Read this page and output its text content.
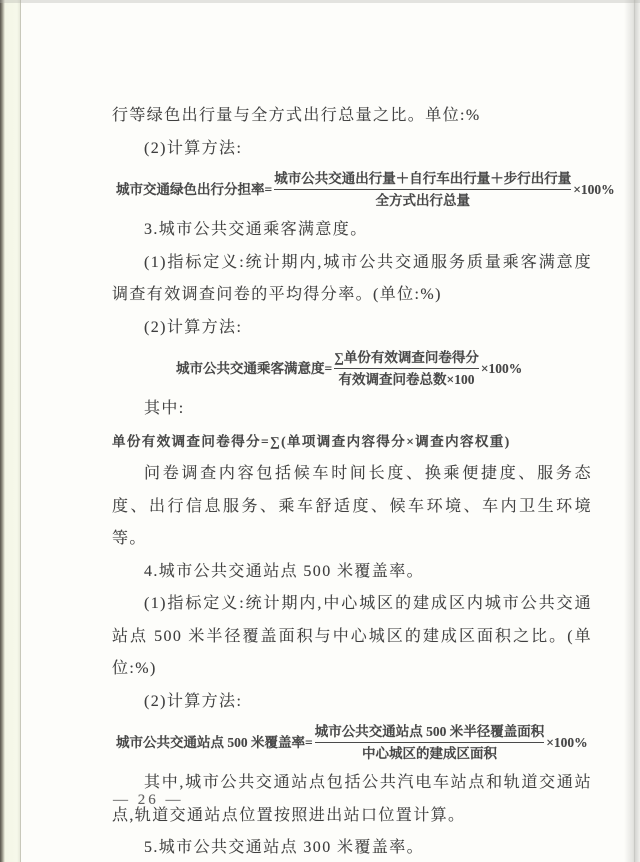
行等绿色出行量与全方式出行总量之比。单位:%

(2)计算方法:

城市交通绿色出行分担率= $\frac{\text{城市公共交通出行量＋自行车出行量＋步行出行量}}{\text{全方式出行总量}} \times 100\%$

3.城市公共交通乘客满意度。

(1)指标定义:统计期内,城市公共交通服务质量乘客满意度调查有效调查问卷的平均得分率。(单位:%)

(2)计算方法:

城市公共交通乘客满意度= $\frac{\text{∑单份有效调查问卷得分}}{\text{有效调查问卷总数×100}} \times 100\%$

其中:

单份有效调查问卷得分=∑(单项调查内容得分×调查内容权重)

问卷调查内容包括候车时间长度、换乘便捷度、服务态度、出行信息服务、乘车舒适度、候车环境、车内卫生环境等。

4.城市公共交通站点 500 米覆盖率。

(1)指标定义:统计期内,中心城区的建成区内城市公共交通站点 500 米半径覆盖面积与中心城区的建成区面积之比。(单位:%)

(2)计算方法:

城市公共交通站点 500 米覆盖率= $\frac{\text{城市公共交通站点 500 米半径覆盖面积}}{\text{中心城区的建成区面积}} \times 100\%$

其中,城市公共交通站点包括公共汽电车站点和轨道交通站点,轨道交通站点位置按照进出站口位置计算。

5.城市公共交通站点 300 米覆盖率。

— 26 —
